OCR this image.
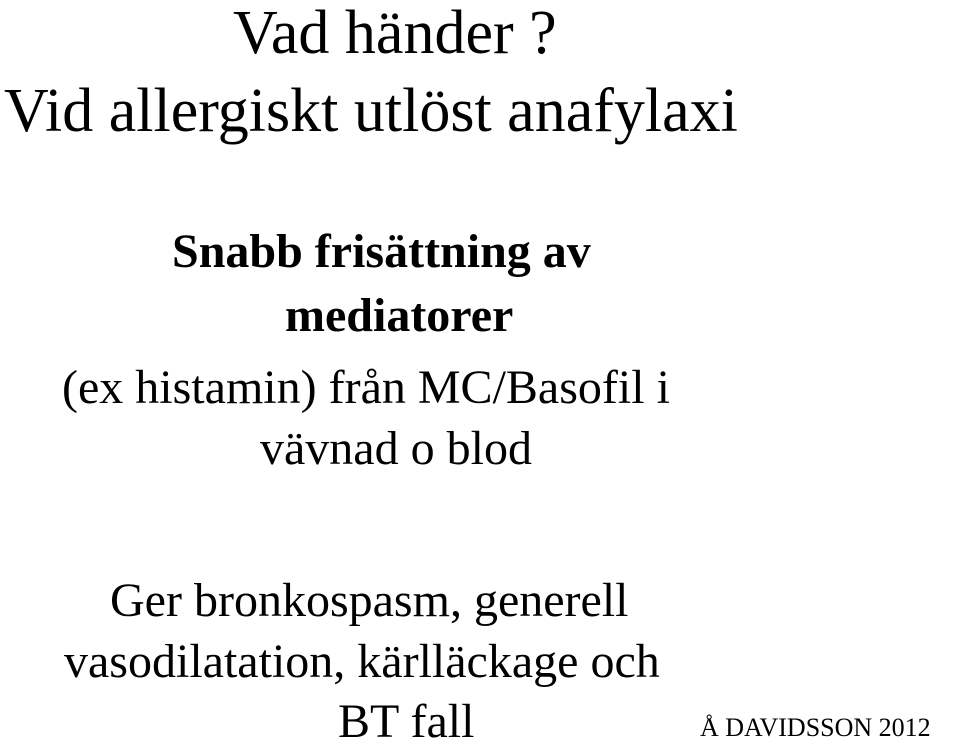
Vad händer ?
Vid allergiskt utlöst anafylaxi
Snabb frisättning av
mediatorer
(ex histamin) från MC/Basofil i
vävnad o blod
Ger bronkospasm, generell
vasodilatation, kärlläckage och
BT fall	Å DAVIDSSON 2012
